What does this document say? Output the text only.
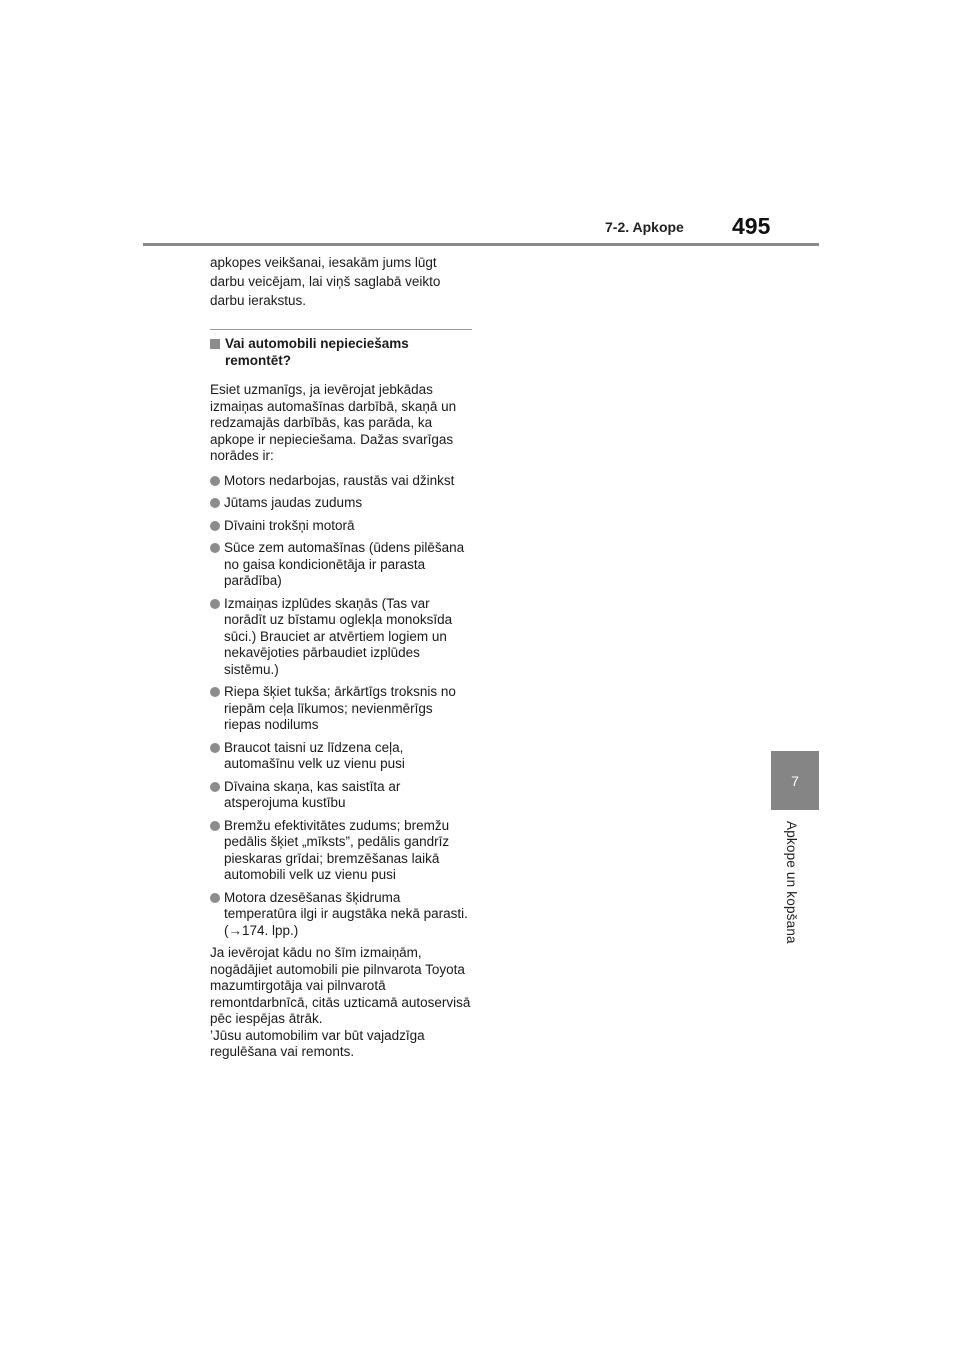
7-2. Apkope 495
7
Apkope un kopšana

apkopes veikšanai, iesakām jums lūgt darbu veicējam, lai viņš saglabā veikto darbu ierakstus.

Vai automobili nepieciešams remontēt?

Esiet uzmanīgs, ja ievērojat jebkādas izmaiņas automašīnas darbībā, skaņā un redzamajās darbībās, kas parāda, ka apkope ir nepieciešama. Dažas svarīgas norādes ir:

Motors nedarbojas, raustās vai džinkst
Jūtams jaudas zudums
Dīvaini trokšņi motorā
Sūce zem automašīnas (ūdens pilēšana no gaisa kondicionētāja ir parasta parādība)
Izmaiņas izplūdes skaņās (Tas var norādīt uz bīstamu oglekļa monoksīda sūci.) Brauciet ar atvērtiem logiem un nekavējoties pārbaudiet izplūdes sistēmu.)
Riepa šķiet tukša; ārkārtīgs troksnis no riepām ceļa līkumos; nevienmērīgs riepas nodilums
Braucot taisni uz līdzena ceļa, automašīnu velk uz vienu pusi
Dīvaina skaņa, kas saistīta ar atsperojuma kustību
Bremžu efektivitātes zudums; bremžu pedālis šķiet „mīksts”, pedālis gandrīz pieskaras grīdai; bremzēšanas laikā automobili velk uz vienu pusi
Motora dzesēšanas šķidruma temperatūra ilgi ir augstāka nekā parasti.(→174. lpp.)

Ja ievērojat kādu no šīm izmaiņām, nogādājiet automobili pie pilnvarota Toyota mazumtirgotāja vai pilnvarotā remontdarbnīcā, citās uzticamā autoservisā pēc iespējas ātrāk.
’Jūsu automobilim var būt vajadzīga regulēšana vai remonts.
